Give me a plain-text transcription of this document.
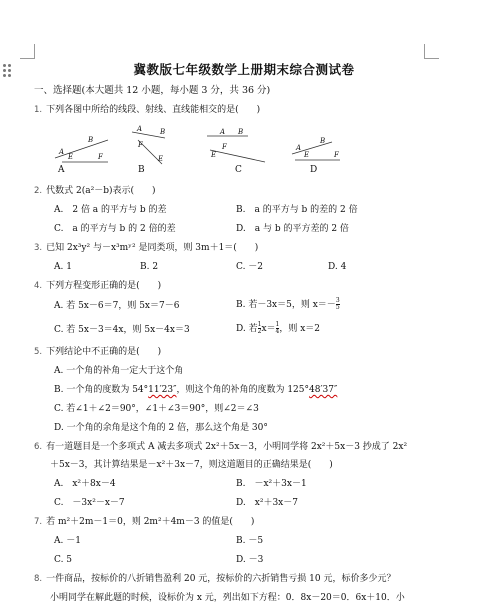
冀教版七年级数学上册期末综合测试卷
一、选择题(本大题共 12 小题，每小题 3 分，共 36 分)
1. 下列各图中所给的线段、射线、直线能相交的是(　　)
A
B
E	F
A	B
F
E
A B
E
F	A
B
E	F
A	B	C	D
2. 代数式 2(a²－b)表示(　　)
A.　2 倍 a 的平方与 b 的差	B.　a 的平方与 b 的差的 2 倍
C.　a 的平方与 b 的 2 倍的差	D.　a 与 b 的平方差的 2 倍
3. 已知 2x³y² 与－x³mʸ² 是同类项，则 3m＋1＝(　　)
A. 1	B. 2	C. －2	D. 4
4. 下列方程变形正确的是(　　)
A. 若 5x－6＝7，则 5x＝7－6	B. 若－3x＝5，则 $x=- \frac{3}{5}$
C. 若 5x－3＝4x，则 5x－4x＝3	D. 若 $\frac{1}{2} x= \frac{1}{4}$ ，则 x＝2
5. 下列结论中不正确的是(　　)
A. 一个角的补角一定大于这个角
B. 一个角的度数为 54°11′23″，则这个角的补角的度数为 125°48′37″
C. 若∠1＋∠2＝90°，∠1＋∠3＝90°，则∠2＝∠3
D. 一个角的余角是这个角的 2 倍，那么这个角是 30°
6. 有一道题目是一个多项式 A 减去多项式 2x²＋5x－3，小明同学将 2x²＋5x－3 抄成了 2x²
＋5x－3，其计算结果是－x²＋3x－7，则这道题目的正确结果是(　　)
A.　x²＋8x－4	B.　－x²＋3x－1
C.　－3x²－x－7	D.　x²＋3x－7
7. 若 m²＋2m－1＝0，则 2m²＋4m－3 的值是(　　)
A. －1	B. －5
C. 5	D. －3
8. 一件商品，按标价的八折销售盈利 20 元，按标价的六折销售亏损 10 元，标价多少元？
小明同学在解此题的时候，设标价为 x 元，列出如下方程：0．8x－20＝0．6x＋10．小
